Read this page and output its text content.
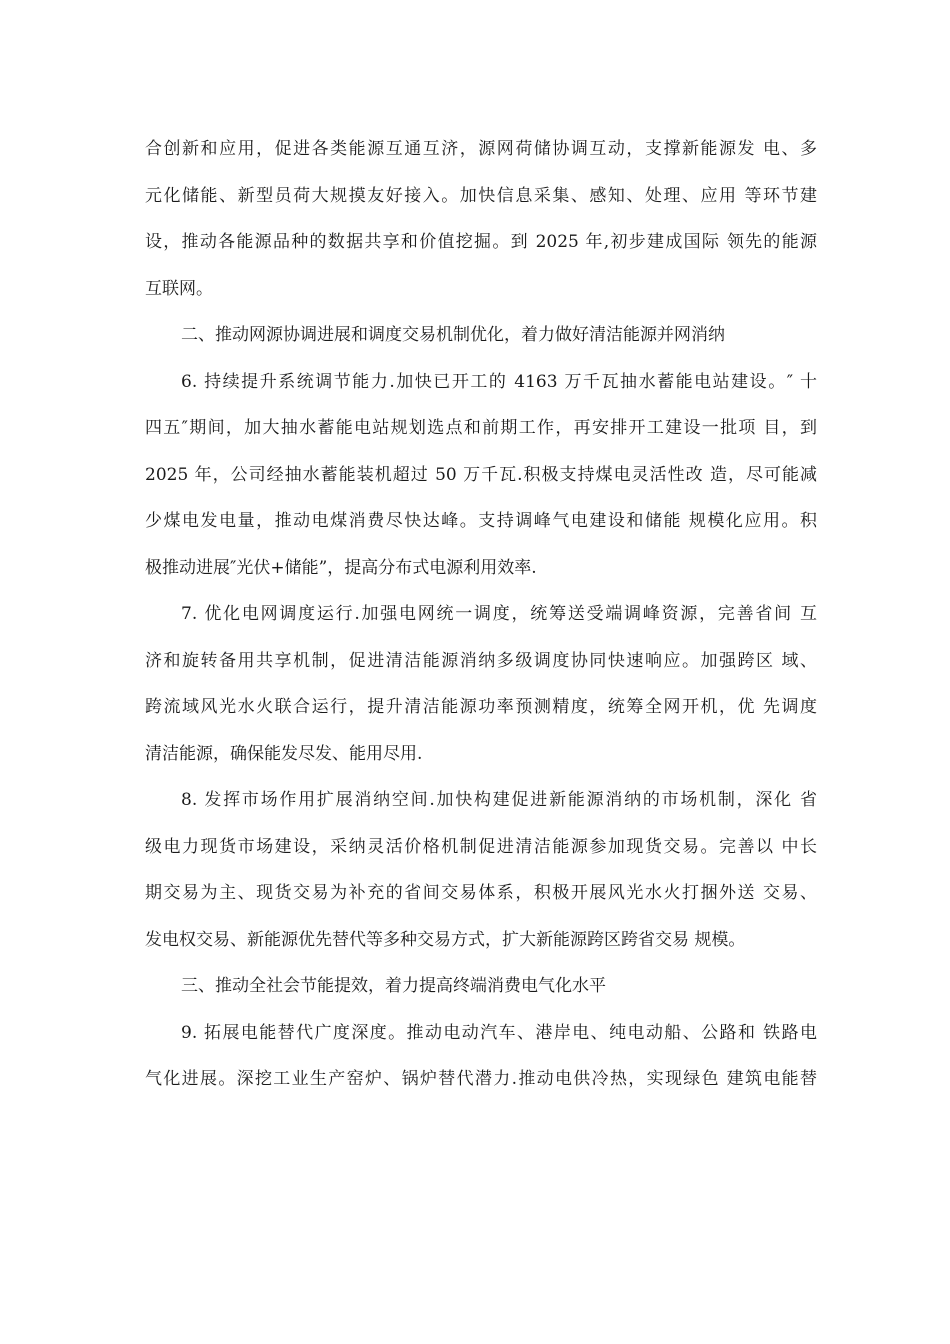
合创新和应用，促进各类能源互通互济，源网荷储协调互动，支撑新能源发 电、多
元化储能、新型员荷大规摸友好接入。加快信息采集、感知、处理、应用 等环节建
设，推动各能源品种的数据共享和价值挖掘。到 2025 年,初步建成国际 领先的能源
互联网。
二、推动网源协调进展和调度交易机制优化，着力做好清洁能源并网消纳
6. 持续提升系统调节能力.加快已开工的 4163 万千瓦抽水蓄能电站建设。″ 十
四五″期间，加大抽水蓄能电站规划选点和前期工作，再安排开工建设一批项 目，到
2025 年，公司经抽水蓄能装机超过 50 万千瓦.积极支持煤电灵活性改 造，尽可能减
少煤电发电量，推动电煤消费尽快达峰。支持调峰气电建设和储能 规模化应用。积
极推动进展″光伏+储能”，提高分布式电源利用效率.
7. 优化电网调度运行.加强电网统一调度，统筹送受端调峰资源，完善省间 互
济和旋转备用共享机制，促进清洁能源消纳多级调度协同快速响应。加强跨区 域、
跨流域风光水火联合运行，提升清洁能源功率预测精度，统筹全网开机，优 先调度
清洁能源，确保能发尽发、能用尽用.
8. 发挥市场作用扩展消纳空间.加快构建促进新能源消纳的市场机制，深化 省
级电力现货市场建设，采纳灵活价格机制促进清洁能源参加现货交易。完善以 中长
期交易为主、现货交易为补充的省间交易体系，积极开展风光水火打捆外送 交易、
发电权交易、新能源优先替代等多种交易方式，扩大新能源跨区跨省交易 规模。
三、推动全社会节能提效，着力提高终端消费电气化水平
9. 拓展电能替代广度深度。推动电动汽车、港岸电、纯电动船、公路和 铁路电
气化进展。深挖工业生产窑炉、锅炉替代潜力.推动电供冷热，实现绿色 建筑电能替
